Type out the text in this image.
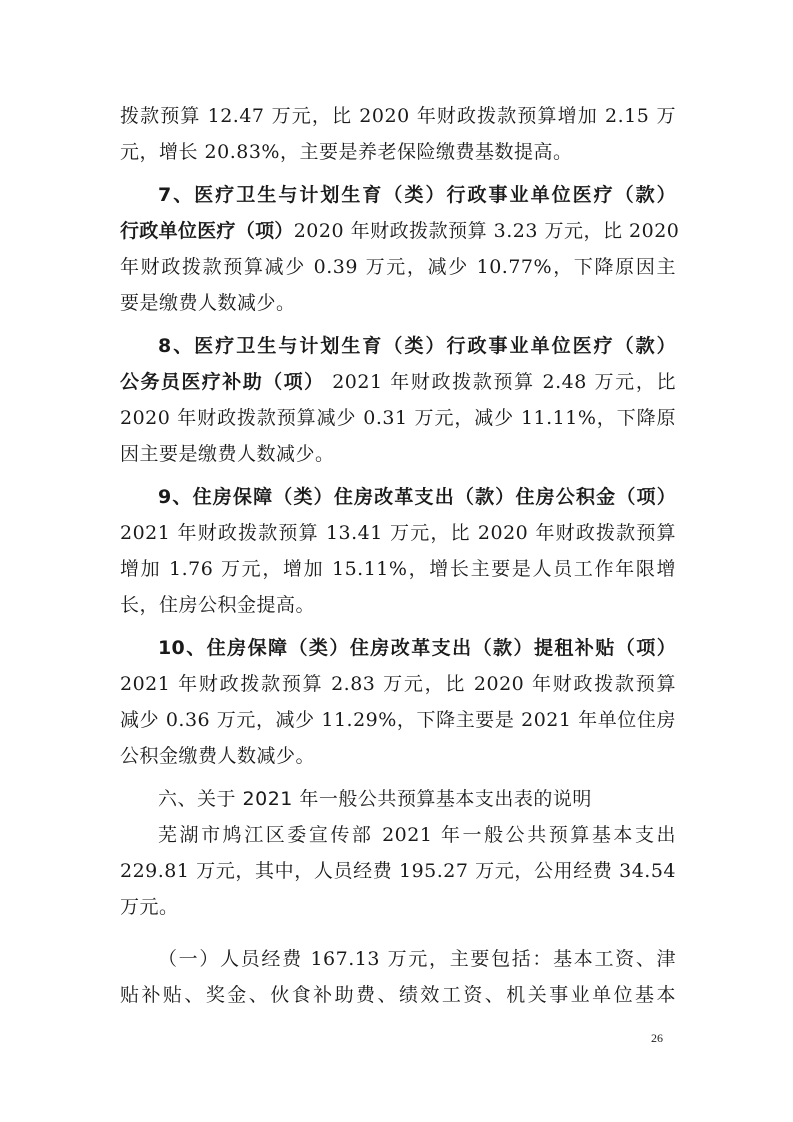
拨款预算 12.47 万元，比 2020 年财政拨款预算增加 2.15 万
元，增长 20.83%，主要是养老保险缴费基数提高。
7、医疗卫生与计划生育（类）行政事业单位医疗（款）
行政单位医疗（项）2020 年财政拨款预算 3.23 万元，比 2020
年财政拨款预算减少 0.39 万元，减少 10.77%，下降原因主
要是缴费人数减少。
8、医疗卫生与计划生育（类）行政事业单位医疗（款）
公务员医疗补助（项） 2021 年财政拨款预算 2.48 万元，比
2020 年财政拨款预算减少 0.31 万元，减少 11.11%，下降原
因主要是缴费人数减少。
9、住房保障（类）住房改革支出（款）住房公积金（项）
2021 年财政拨款预算 13.41 万元，比 2020 年财政拨款预算
增加 1.76 万元，增加 15.11%，增长主要是人员工作年限增
长，住房公积金提高。
10、住房保障（类）住房改革支出（款）提租补贴（项）
2021 年财政拨款预算 2.83 万元，比 2020 年财政拨款预算
减少 0.36 万元，减少 11.29%，下降主要是 2021 年单位住房
公积金缴费人数减少。
六、关于 2021 年一般公共预算基本支出表的说明
芜湖市鸠江区委宣传部 2021 年一般公共预算基本支出
229.81 万元，其中，人员经费 195.27 万元，公用经费 34.54
万元。
（一）人员经费 167.13 万元，主要包括：基本工资、津
贴补贴、奖金、伙食补助费、绩效工资、机关事业单位基本
26
